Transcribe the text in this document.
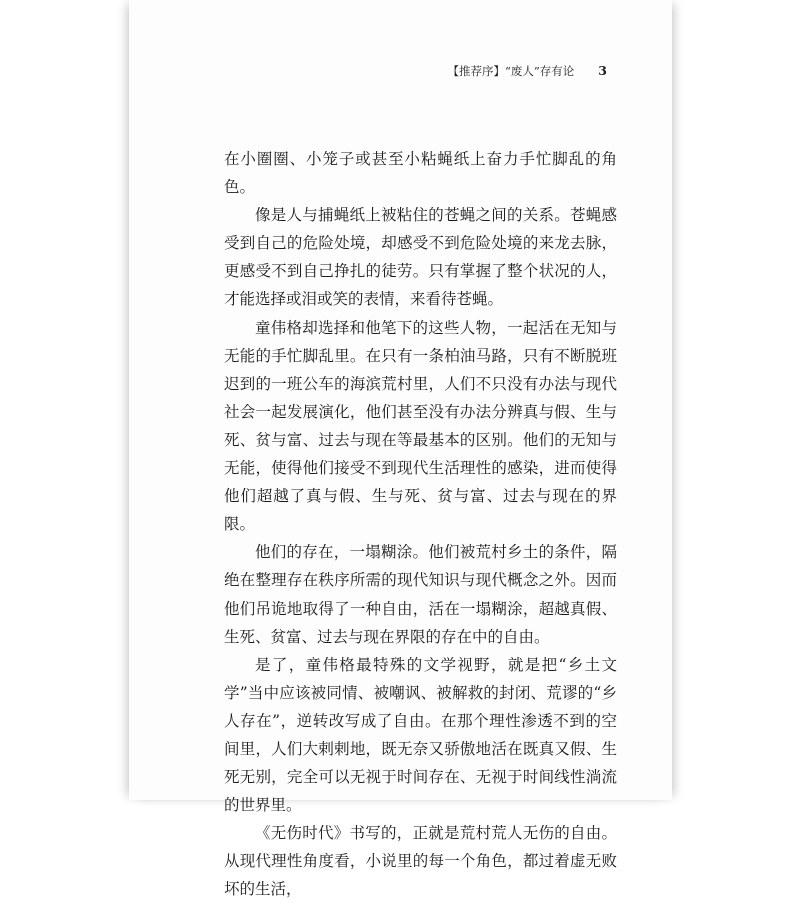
【推荐序】“废人”存有论 3

在小圈圈、小笼子或甚至小粘蝇纸上奋力手忙脚乱的角色。

像是人与捕蝇纸上被粘住的苍蝇之间的关系。苍蝇感受到自己的危险处境，却感受不到危险处境的来龙去脉，更感受不到自己挣扎的徒劳。只有掌握了整个状况的人，才能选择或泪或笑的表情，来看待苍蝇。

童伟格却选择和他笔下的这些人物，一起活在无知与无能的手忙脚乱里。在只有一条柏油马路，只有不断脱班迟到的一班公车的海滨荒村里，人们不只没有办法与现代社会一起发展演化，他们甚至没有办法分辨真与假、生与死、贫与富、过去与现在等最基本的区别。他们的无知与无能，使得他们接受不到现代生活理性的感染，进而使得他们超越了真与假、生与死、贫与富、过去与现在的界限。

他们的存在，一塌糊涂。他们被荒村乡土的条件，隔绝在整理存在秩序所需的现代知识与现代概念之外。因而他们吊诡地取得了一种自由，活在一塌糊涂，超越真假、生死、贫富、过去与现在界限的存在中的自由。

是了，童伟格最特殊的文学视野，就是把“乡土文学”当中应该被同情、被嘲讽、被解救的封闭、荒谬的“乡人存在”，逆转改写成了自由。在那个理性渗透不到的空间里，人们大剌剌地，既无奈又骄傲地活在既真又假、生死无别，完全可以无视于时间存在、无视于时间线性淌流的世界里。

《无伤时代》书写的，正就是荒村荒人无伤的自由。从现代理性角度看，小说里的每一个角色，都过着虚无败坏的生活，
